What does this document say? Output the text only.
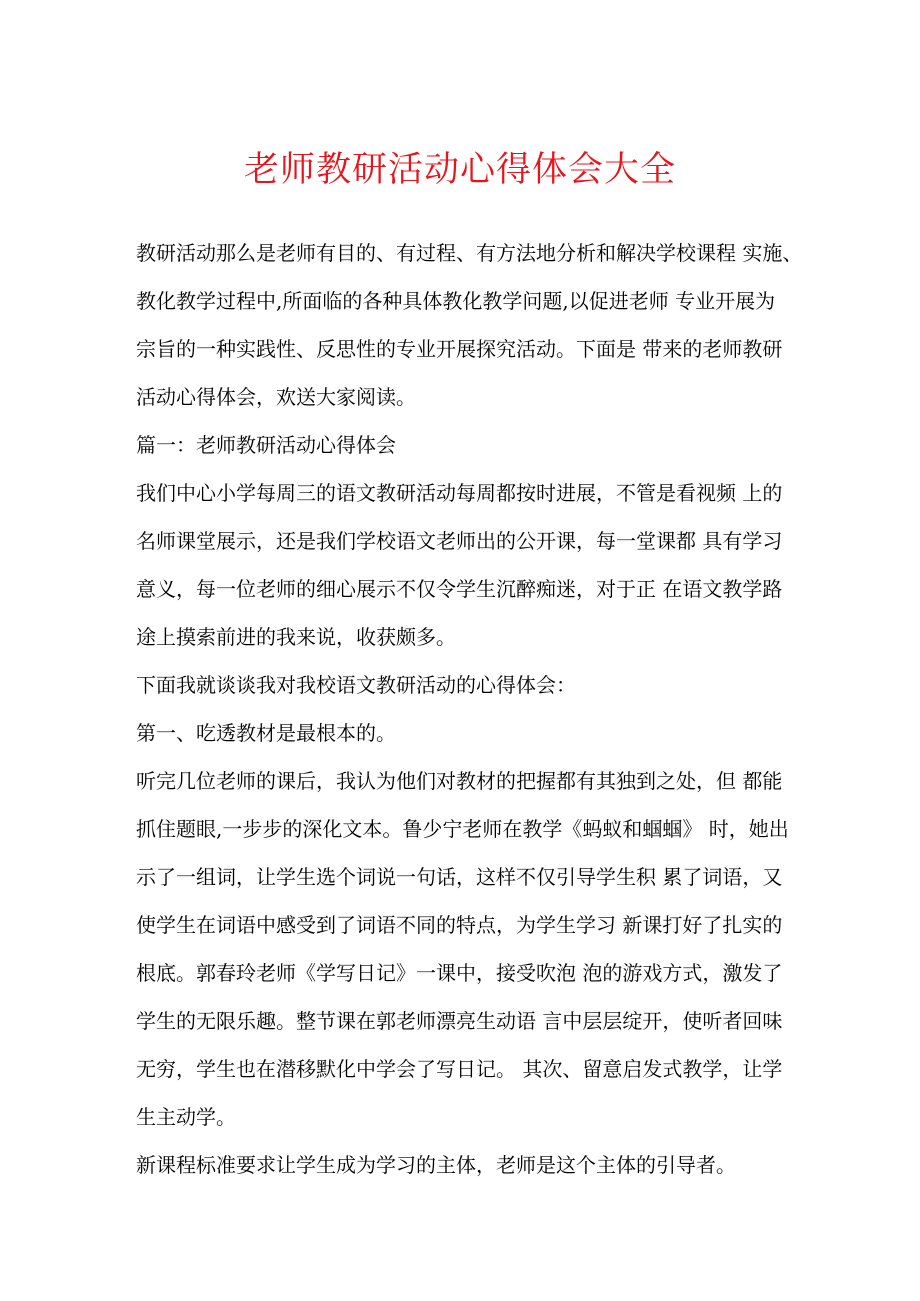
老师教研活动心得体会大全
教研活动那么是老师有目的、有过程、有方法地分析和解决学校课程 实施、
教化教学过程中,所面临的各种具体教化教学问题,以促进老师 专业开展为
宗旨的一种实践性、反思性的专业开展探究活动。下面是 带来的老师教研
活动心得体会，欢送大家阅读。
篇一：老师教研活动心得体会
我们中心小学每周三的语文教研活动每周都按时进展，不管是看视频 上的
名师课堂展示，还是我们学校语文老师出的公开课，每一堂课都 具有学习
意义，每一位老师的细心展示不仅令学生沉醉痴迷，对于正 在语文教学路
途上摸索前进的我来说，收获颇多。
下面我就谈谈我对我校语文教研活动的心得体会：
第一、吃透教材是最根本的。
听完几位老师的课后，我认为他们对教材的把握都有其独到之处，但 都能
抓住题眼,一步步的深化文本。鲁少宁老师在教学《蚂蚁和蝈蝈》 时，她出
示了一组词，让学生选个词说一句话，这样不仅引导学生积 累了词语，又
使学生在词语中感受到了词语不同的特点，为学生学习 新课打好了扎实的
根底。郭春玲老师《学写日记》一课中，接受吹泡 泡的游戏方式，激发了
学生的无限乐趣。整节课在郭老师漂亮生动语 言中层层绽开，使听者回味
无穷，学生也在潜移默化中学会了写日记。 其次、留意启发式教学，让学
生主动学。
新课程标准要求让学生成为学习的主体，老师是这个主体的引导者。
